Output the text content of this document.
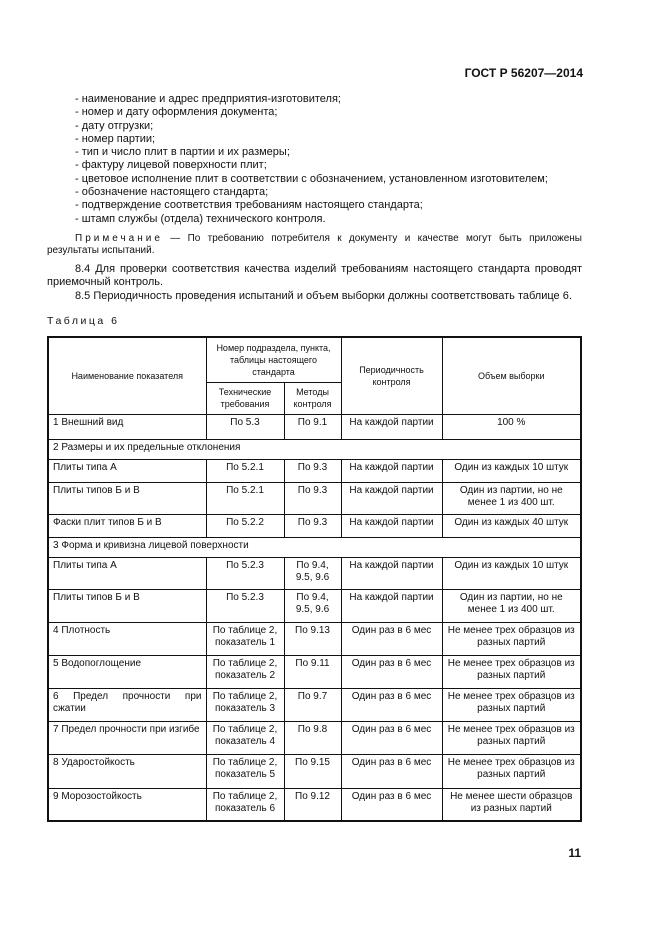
ГОСТ Р 56207—2014
- наименование и адрес предприятия-изготовителя;
- номер и дату оформления документа;
- дату отгрузки;
- номер партии;
- тип и число плит в партии и их размеры;
- фактуру лицевой поверхности плит;
- цветовое исполнение плит в соответствии с обозначением, установленном изготовителем;
- обозначение настоящего стандарта;
- подтверждение соответствия требованиям настоящего стандарта;
- штамп службы (отдела) технического контроля.
Примечание — По требованию потребителя к документу и качестве могут быть приложены результаты испытаний.
8.4 Для проверки соответствия качества изделий требованиям настоящего стандарта проводят приемочный контроль.
8.5 Периодичность проведения испытаний и объем выборки должны соответствовать таблице 6.
Таблица 6
Наименование показателя	Номер подраздела, пункта, таблицы настоящего стандарта		Периодичность контроля	Объем выборки
	Технические требования	Методы контроля		
1 Внешний вид	По 5.3	По 9.1	На каждой партии	100 %
2 Размеры и их предельные отклонения				
Плиты типа А	По 5.2.1	По 9.3	На каждой партии	Один из каждых 10 штук
Плиты типов Б и В	По 5.2.1	По 9.3	На каждой партии	Один из партии, но не менее 1 из 400 шт.
Фаски плит типов Б и В	По 5.2.2	По 9.3	На каждой партии	Один из каждых 40 штук
3 Форма и кривизна лицевой поверхности				
Плиты типа А	По 5.2.3	По 9.4, 9.5, 9.6	На каждой партии	Один из каждых 10 штук
Плиты типов Б и В	По 5.2.3	По 9.4, 9.5, 9.6	На каждой партии	Один из партии, но не менее 1 из 400 шт.
4 Плотность	По таблице 2, показатель 1	По 9.13	Один раз в 6 мес	Не менее трех образцов из разных партий
5 Водопоглощение	По таблице 2, показатель 2	По 9.11	Один раз в 6 мес	Не менее трех образцов из разных партий
6 Предел прочности при сжатии	По таблице 2, показатель 3	По 9.7	Один раз в 6 мес	Не менее трех образцов из разных партий
7 Предел прочности при изгибе	По таблице 2, показатель 4	По 9.8	Один раз в 6 мес	Не менее трех образцов из разных партий
8 Ударостойкость	По таблице 2, показатель 5	По 9.15	Один раз в 6 мес	Не менее трех образцов из разных партий
9 Морозостойкость	По таблице 2, показатель 6	По 9.12	Один раз в 6 мес	Не менее шести образцов из разных партий
11
